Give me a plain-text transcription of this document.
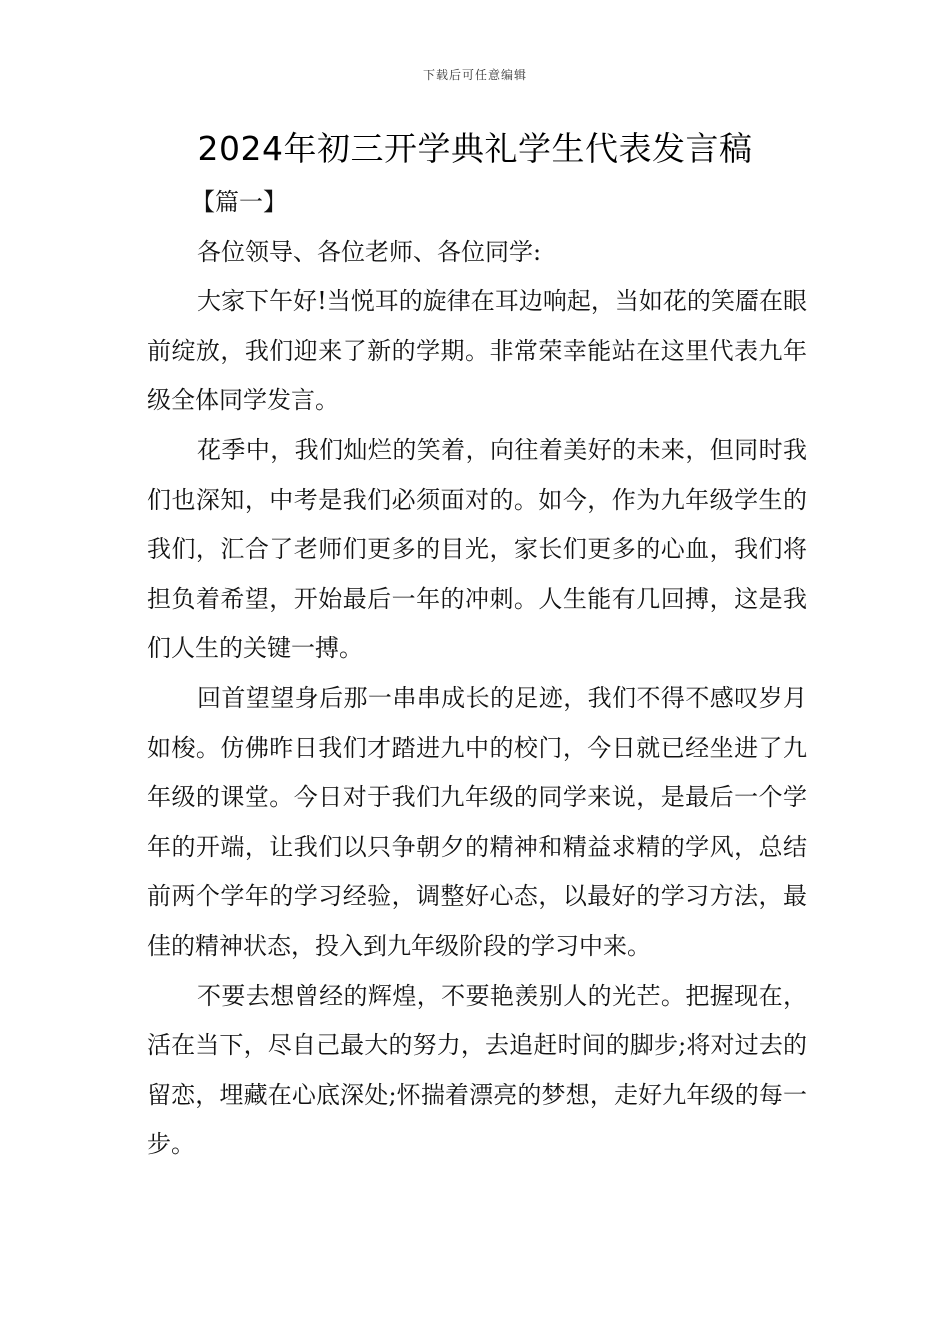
下载后可任意编辑
2024年初三开学典礼学生代表发言稿

【篇一】

各位领导、各位老师、各位同学:

大家下午好!当悦耳的旋律在耳边响起，当如花的笑靥在眼前绽放，我们迎来了新的学期。非常荣幸能站在这里代表九年级全体同学发言。

花季中，我们灿烂的笑着，向往着美好的未来，但同时我们也深知，中考是我们必须面对的。如今，作为九年级学生的我们，汇合了老师们更多的目光，家长们更多的心血，我们将担负着希望，开始最后一年的冲刺。人生能有几回搏，这是我们人生的关键一搏。

回首望望身后那一串串成长的足迹，我们不得不感叹岁月如梭。仿佛昨日我们才踏进九中的校门，今日就已经坐进了九年级的课堂。今日对于我们九年级的同学来说，是最后一个学年的开端，让我们以只争朝夕的精神和精益求精的学风，总结前两个学年的学习经验，调整好心态，以最好的学习方法，最佳的精神状态，投入到九年级阶段的学习中来。

不要去想曾经的辉煌，不要艳羡别人的光芒。把握现在，活在当下，尽自己最大的努力，去追赶时间的脚步;将对过去的留恋，埋藏在心底深处;怀揣着漂亮的梦想，走好九年级的每一步。
